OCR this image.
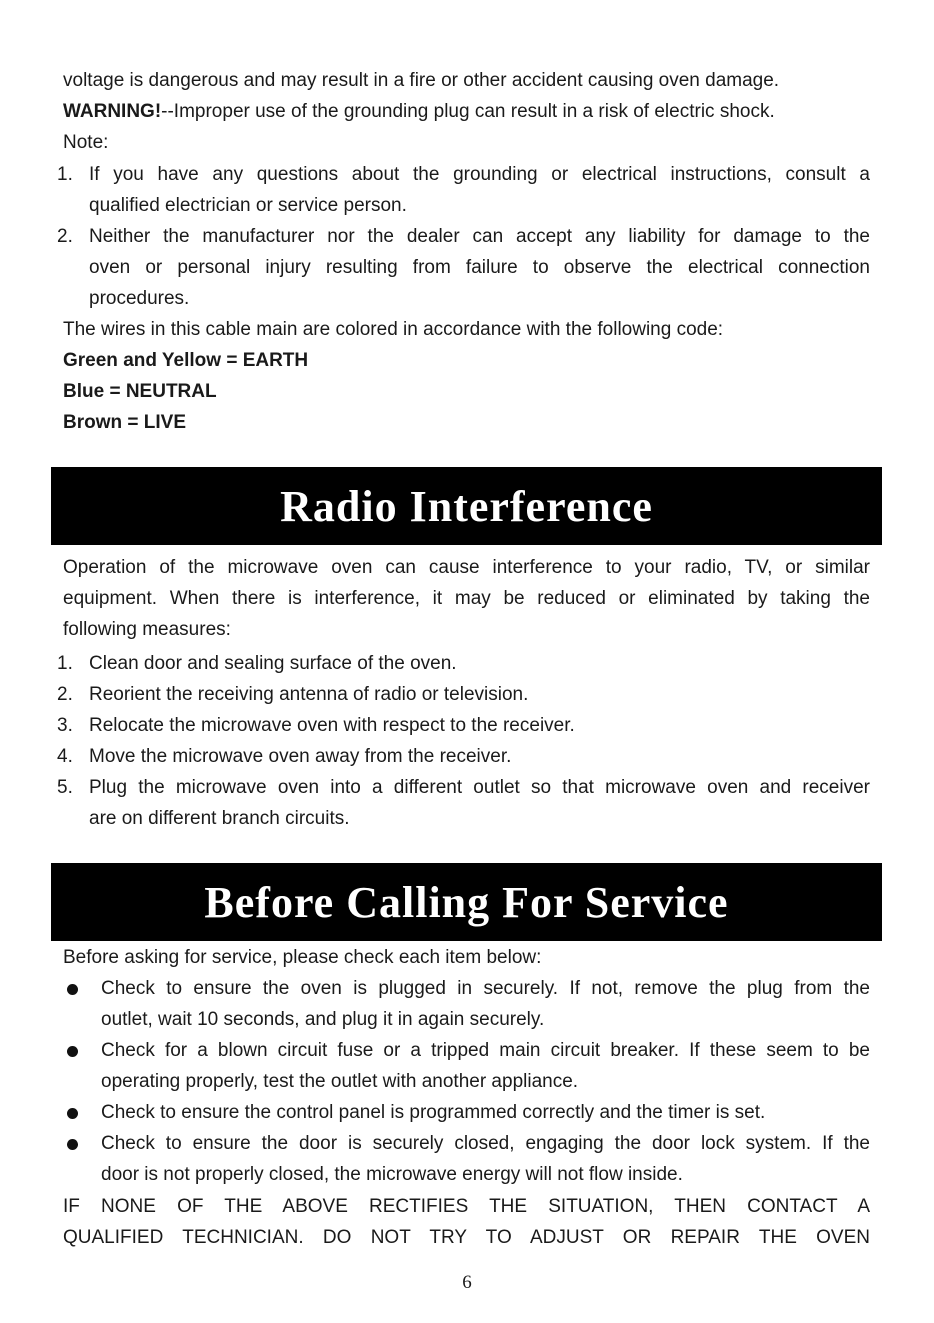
voltage is dangerous and may result in a fire or other accident causing oven damage.
WARNING!--Improper use of the grounding plug can result in a risk of electric shock.
Note:
1. If you have any questions about the grounding or electrical instructions, consult a
qualified electrician or service person.
2. Neither the manufacturer nor the dealer can accept any liability for damage to the
oven or personal injury resulting from failure to observe the electrical connection
procedures.
The wires in this cable main are colored in accordance with the following code:
Green and Yellow = EARTH
Blue = NEUTRAL
Brown = LIVE
Radio Interference
Operation of the microwave oven can cause interference to your radio, TV, or similar
equipment. When there is interference, it may be reduced or eliminated by taking the
following measures:
1. Clean door and sealing surface of the oven.
2. Reorient the receiving antenna of radio or television.
3. Relocate the microwave oven with respect to the receiver.
4. Move the microwave oven away from the receiver.
5. Plug the microwave oven into a different outlet so that microwave oven and receiver
are on different branch circuits.
Before Calling For Service
Before asking for service, please check each item below:
Check to ensure the oven is plugged in securely. If not, remove the plug from the
outlet, wait 10 seconds, and plug it in again securely.
Check for a blown circuit fuse or a tripped main circuit breaker. If these seem to be
operating properly, test the outlet with another appliance.
Check to ensure the control panel is programmed correctly and the timer is set.
Check to ensure the door is securely closed, engaging the door lock system. If the
door is not properly closed, the microwave energy will not flow inside.
IF NONE OF THE ABOVE RECTIFIES THE SITUATION, THEN CONTACT A
QUALIFIED TECHNICIAN. DO NOT TRY TO ADJUST OR REPAIR THE OVEN
6
